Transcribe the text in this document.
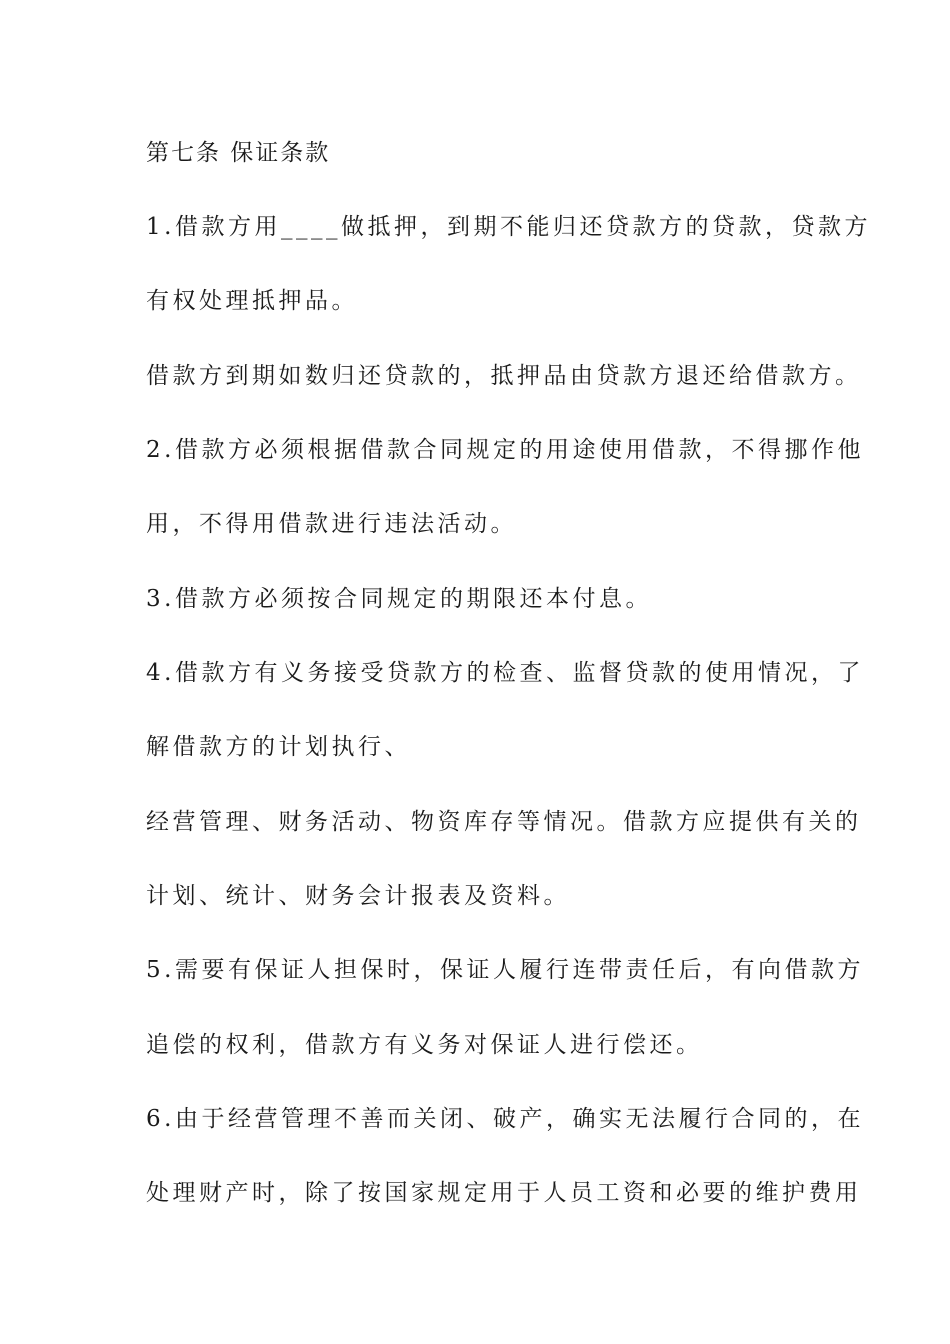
第七条 保证条款
1.借款方用____做抵押，到期不能归还贷款方的贷款，贷款方
有权处理抵押品。
借款方到期如数归还贷款的，抵押品由贷款方退还给借款方。
2.借款方必须根据借款合同规定的用途使用借款，不得挪作他
用，不得用借款进行违法活动。
3.借款方必须按合同规定的期限还本付息。
4.借款方有义务接受贷款方的检查、监督贷款的使用情况，了
解借款方的计划执行、
经营管理、财务活动、物资库存等情况。借款方应提供有关的
计划、统计、财务会计报表及资料。
5.需要有保证人担保时，保证人履行连带责任后，有向借款方
追偿的权利，借款方有义务对保证人进行偿还。
6.由于经营管理不善而关闭、破产，确实无法履行合同的，在
处理财产时，除了按国家规定用于人员工资和必要的维护费用
